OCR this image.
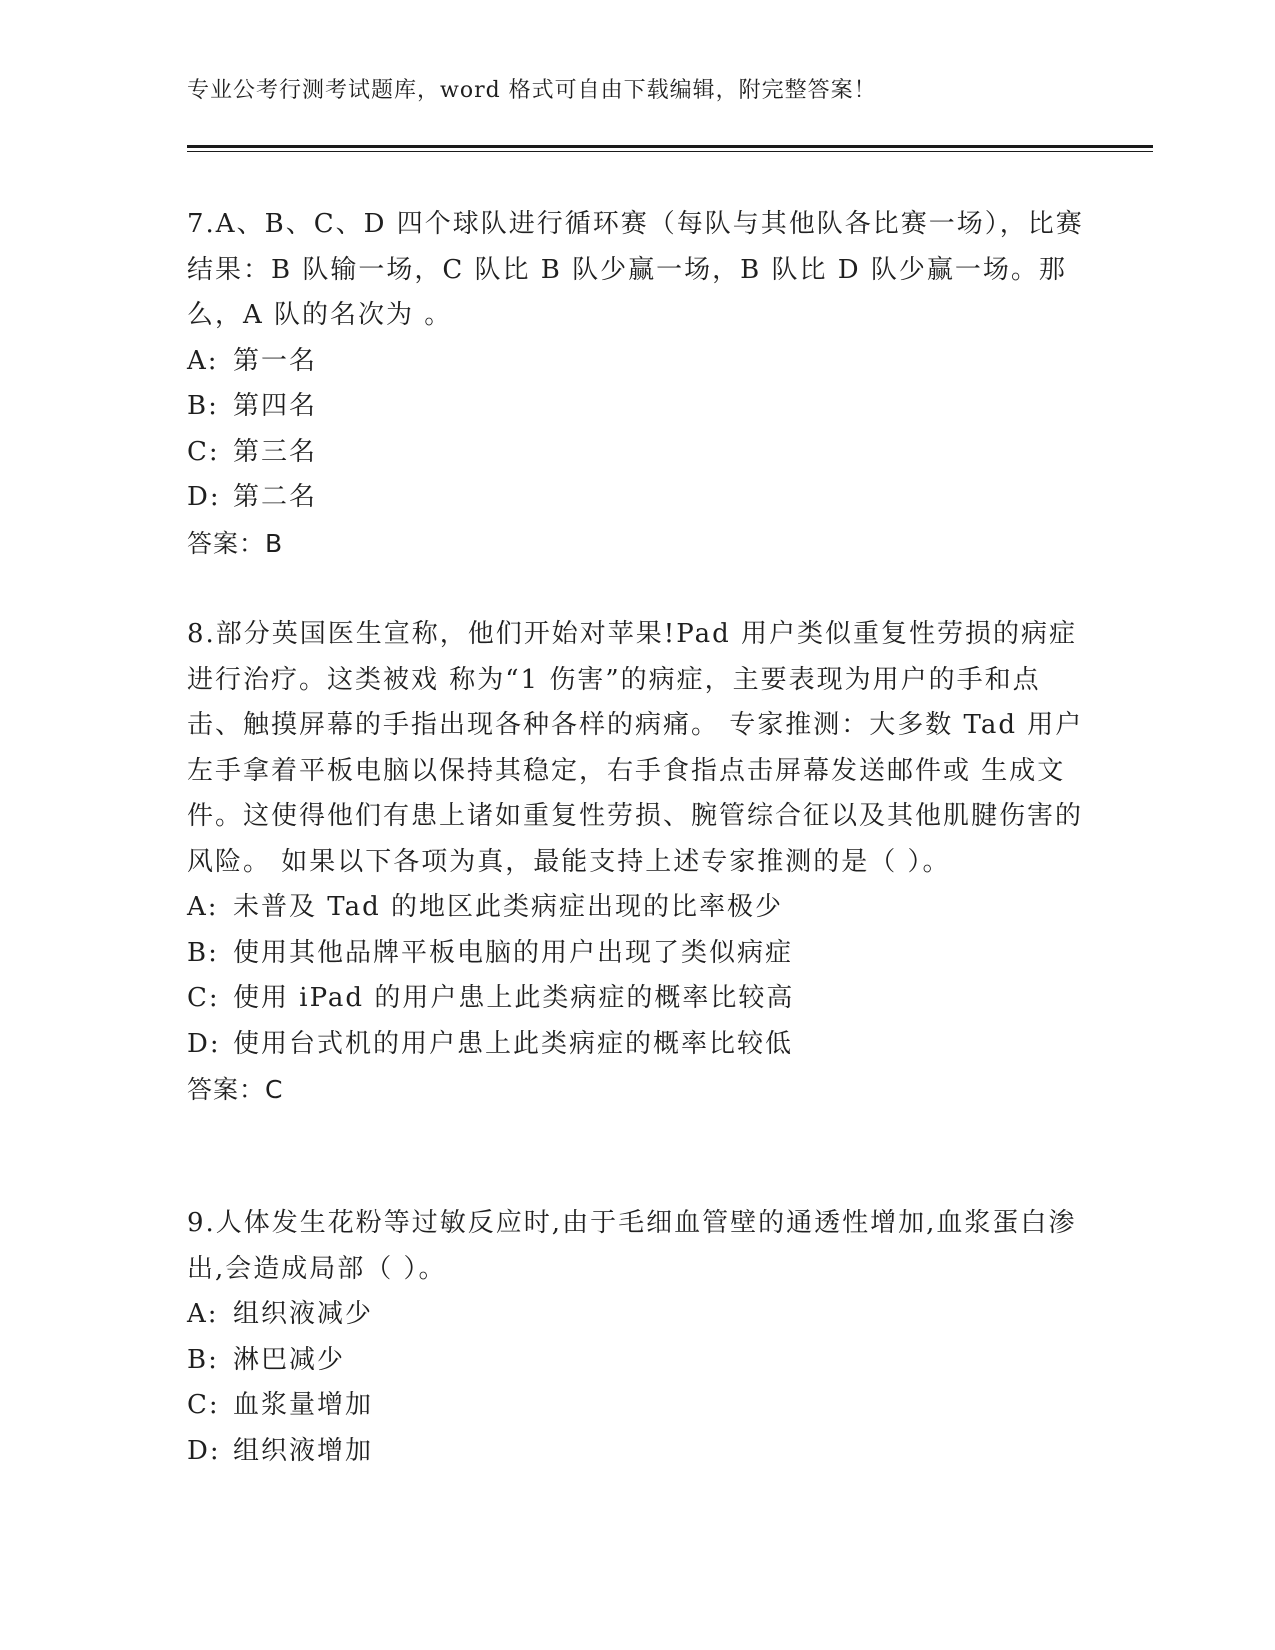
专业公考行测考试题库，word 格式可自由下载编辑，附完整答案！

7.A、B、C、D 四个球队进行循环赛（每队与其他队各比赛一场），比赛结果：B 队输一场，C 队比 B 队少赢一场，B 队比 D 队少赢一场。那么，A 队的名次为 。

A: 第一名
B: 第四名
C: 第三名
D: 第二名
答案：B

8.部分英国医生宣称，他们开始对苹果!Pad 用户类似重复性劳损的病症进行治疗。这类被戏 称为“1 伤害”的病症，主要表现为用户的手和点击、触摸屏幕的手指出现各种各样的病痛。 专家推测：大多数 Tad 用户左手拿着平板电脑以保持其稳定，右手食指点击屏幕发送邮件或 生成文件。这使得他们有患上诸如重复性劳损、腕管综合征以及其他肌腱伤害的风险。 如果以下各项为真，最能支持上述专家推测的是（ ）。

A: 未普及 Tad 的地区此类病症出现的比率极少
B: 使用其他品牌平板电脑的用户出现了类似病症
C: 使用 iPad 的用户患上此类病症的概率比较高
D: 使用台式机的用户患上此类病症的概率比较低
答案：C

9.人体发生花粉等过敏反应时,由于毛细血管壁的通透性增加,血浆蛋白渗出,会造成局部（ ）。

A: 组织液减少
B: 淋巴减少
C: 血浆量增加
D: 组织液增加
